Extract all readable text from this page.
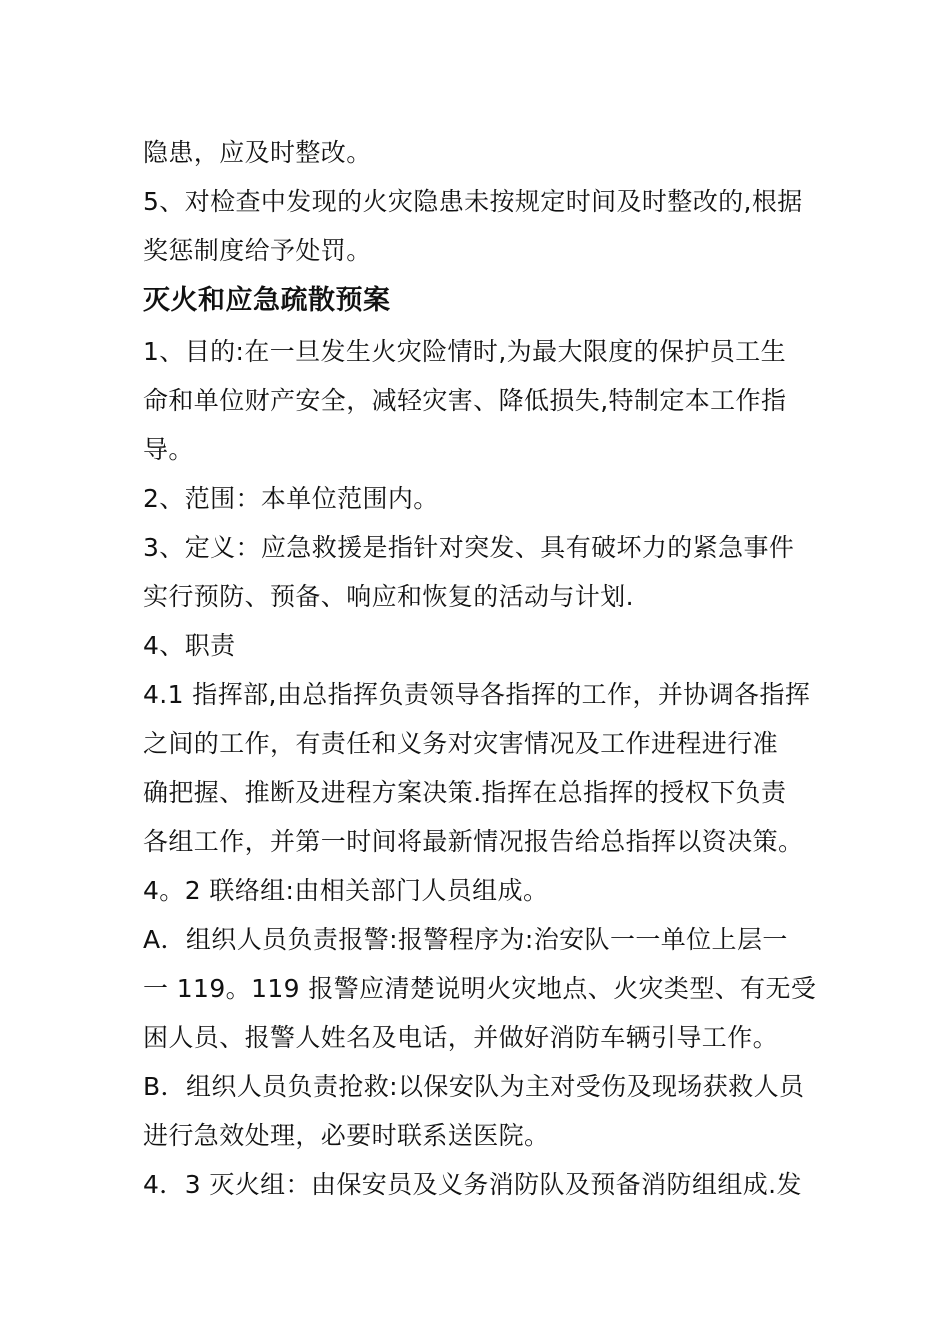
隐患，应及时整改。
5、对检查中发现的火灾隐患未按规定时间及时整改的,根据
奖惩制度给予处罚。
灭火和应急疏散预案
1、目的:在一旦发生火灾险情时,为最大限度的保护员工生
命和单位财产安全，减轻灾害、降低损失,特制定本工作指
导。
2、范围：本单位范围内。
3、定义：应急救援是指针对突发、具有破坏力的紧急事件
实行预防、预备、响应和恢复的活动与计划.
4、职责
4.1 指挥部,由总指挥负责领导各指挥的工作，并协调各指挥
之间的工作，有责任和义务对灾害情况及工作进程进行准
确把握、推断及进程方案决策.指挥在总指挥的授权下负责
各组工作，并第一时间将最新情况报告给总指挥以资决策。
4。2 联络组:由相关部门人员组成。
A．组织人员负责报警:报警程序为:治安队一一单位上层一
一 119。119 报警应清楚说明火灾地点、火灾类型、有无受
困人员、报警人姓名及电话，并做好消防车辆引导工作。
B．组织人员负责抢救:以保安队为主对受伤及现场获救人员
进行急效处理，必要时联系送医院。
4．3 灭火组：由保安员及义务消防队及预备消防组组成.发
